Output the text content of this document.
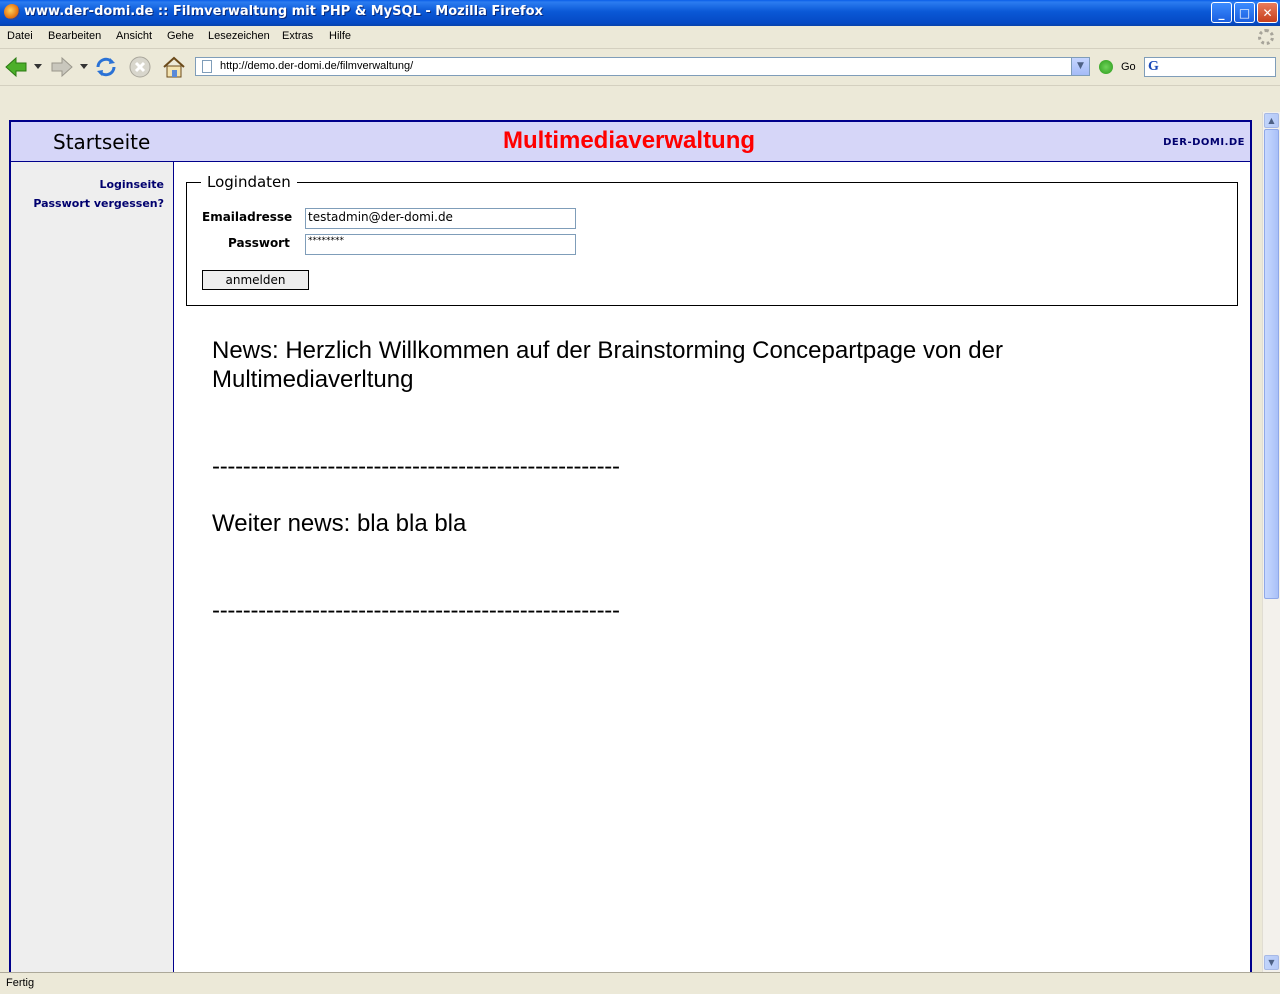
www.der-domi.de :: Filmverwaltung mit PHP & MySQL - Mozilla Firefox	_	□	✕
Datei Bearbeiten Ansicht Gehe Lesezeichen Extras Hilfe
http://demo.der-domi.de/filmverwaltung/	▼	Go G
Startseite	Multimediaverwaltung	DER-DOMI.DE
Loginseite
Passwort vergessen?
Logindaten
Emailadresse testadmin@der-domi.de
Passwort	********
anmelden
News: Herzlich Willkommen auf der Brainstorming Concepartpage von der Multimediaverltung
-----------------------------------------------------
Weiter news: bla bla bla
-----------------------------------------------------
▲
▼
Fertig
